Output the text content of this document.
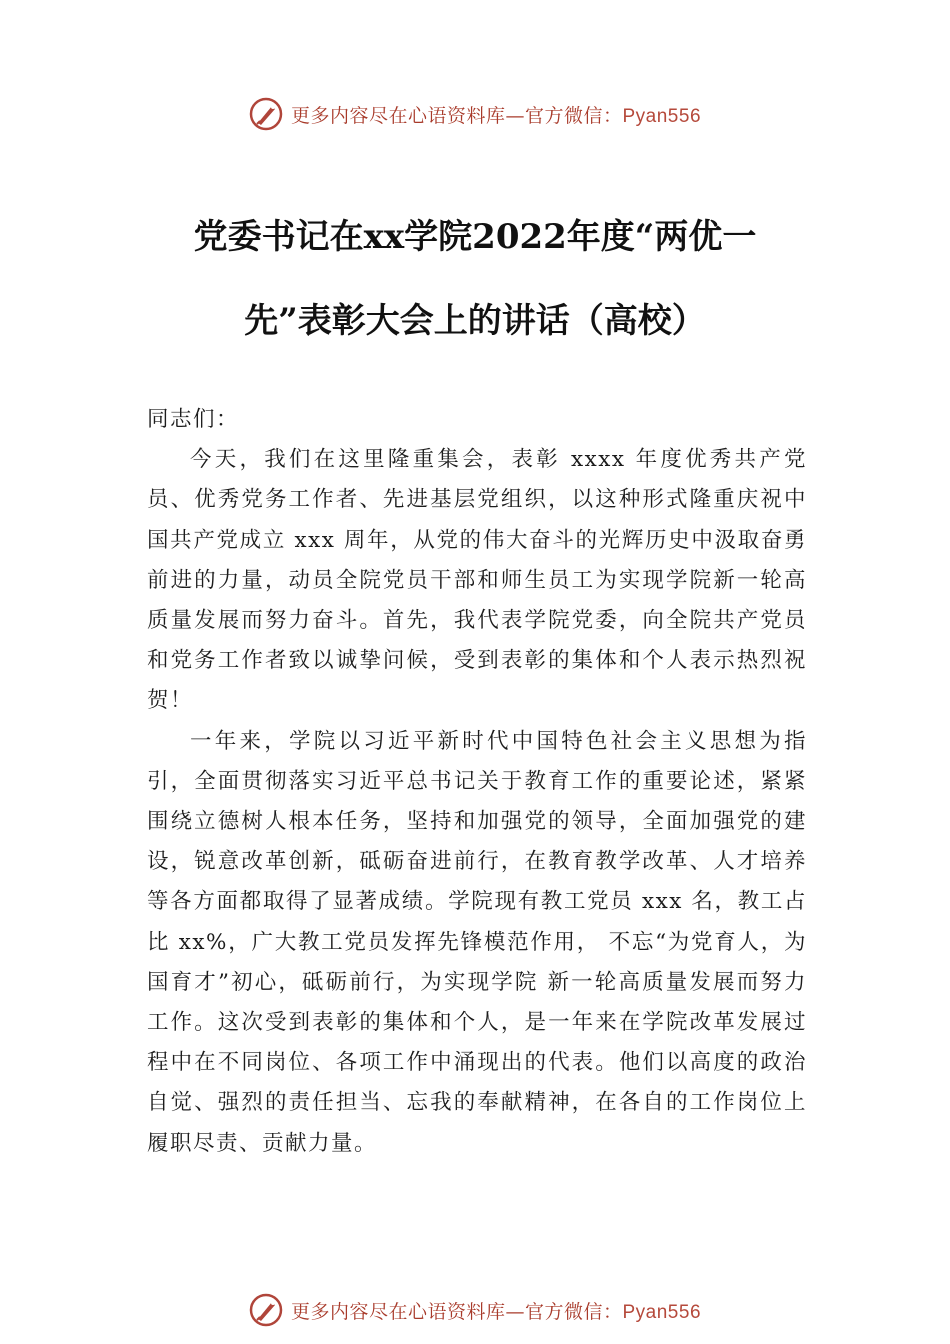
更多内容尽在心语资料库—官方微信：Pyan556
党委书记在xx学院2022年度“两优一先”表彰大会上的讲话（高校）

同志们：

今天，我们在这里隆重集会，表彰 xxxx 年度优秀共产党员、优秀党务工作者、先进基层党组织，以这种形式隆重庆祝中国共产党成立 xxx 周年，从党的伟大奋斗的光辉历史中汲取奋勇前进的力量，动员全院党员干部和师生员工为实现学院新一轮高质量发展而努力奋斗。首先，我代表学院党委，向全院共产党员和党务工作者致以诚挚问候，受到表彰的集体和个人表示热烈祝贺！

一年来，学院以习近平新时代中国特色社会主义思想为指引，全面贯彻落实习近平总书记关于教育工作的重要论述，紧紧围绕立德树人根本任务，坚持和加强党的领导，全面加强党的建设，锐意改革创新，砥砺奋进前行，在教育教学改革、人才培养等各方面都取得了显著成绩。学院现有教工党员 xxx 名，教工占比 xx%，广大教工党员发挥先锋模范作用， 不忘“为党育人，为国育才”初心，砥砺前行，为实现学院 新一轮高质量发展而努力工作。这次受到表彰的集体和个人，是一年来在学院改革发展过程中在不同岗位、各项工作中涌现出的代表。他们以高度的政治自觉、强烈的责任担当、忘我的奉献精神，在各自的工作岗位上履职尽责、贡献力量。

更多内容尽在心语资料库—官方微信：Pyan556
